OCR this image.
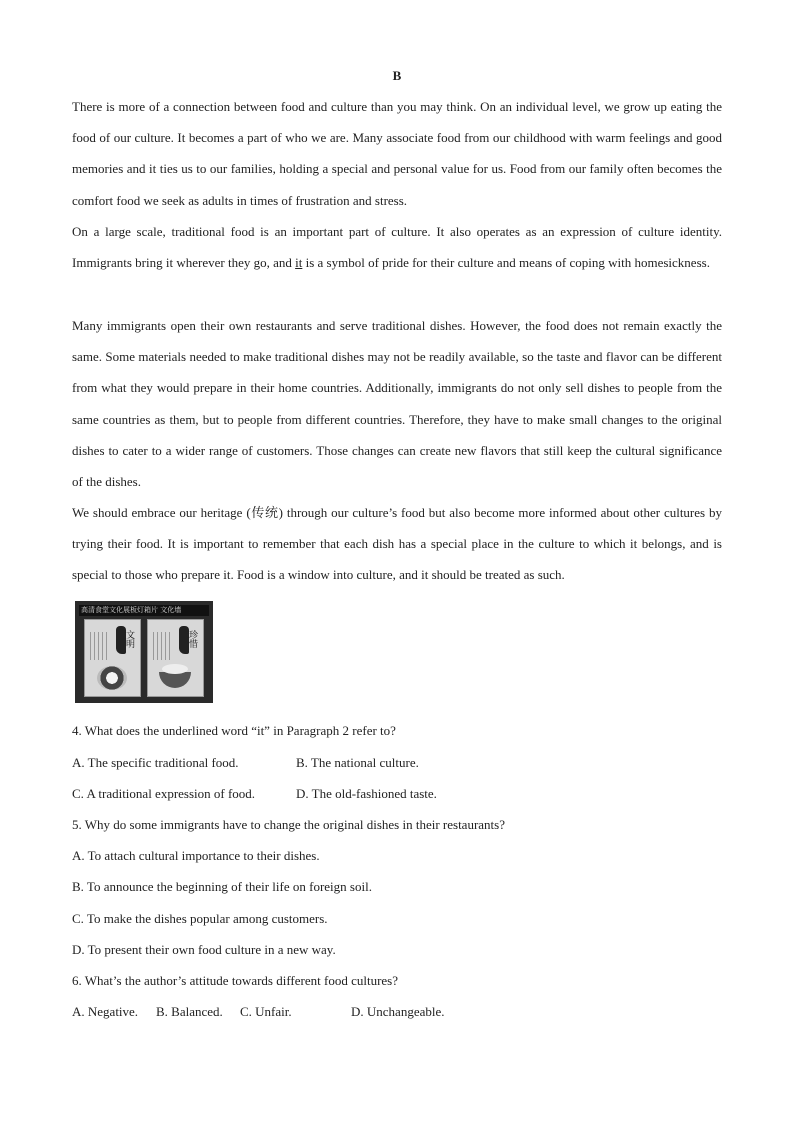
B

There is more of a connection between food and culture than you may think. On an individual level, we grow up eating the food of our culture. It becomes a part of who we are. Many associate food from our childhood with warm feelings and good memories and it ties us to our families, holding a special and personal value for us. Food from our family often becomes the comfort food we seek as adults in times of frustration and stress.

On a large scale, traditional food is an important part of culture. It also operates as an expression of culture identity. Immigrants bring it wherever they go, and it is a symbol of pride for their culture and means of coping with homesickness.

Many immigrants open their own restaurants and serve traditional dishes. However, the food does not remain exactly the same. Some materials needed to make traditional dishes may not be readily available, so the taste and flavor can be different from what they would prepare in their home countries. Additionally, immigrants do not only sell dishes to people from the same countries as them, but to people from different countries. Therefore, they have to make small changes to the original dishes to cater to a wider range of customers. Those changes can create new flavors that still keep the cultural significance of the dishes.

We should embrace our heritage (传统) through our culture’s food but also become more informed about other cultures by trying their food. It is important to remember that each dish has a special place in the culture to which it belongs, and is special to those who prepare it. Food is a window into culture, and it should be treated as such.

高清食堂文化展板灯箱片 文化墙
文明	珍惜
4. What does the underlined word “it” in Paragraph 2 refer to?
A. The specific traditional food.	B. The national culture.
C. A traditional expression of food.	D. The old-fashioned taste.
5. Why do some immigrants have to change the original dishes in their restaurants?
A. To attach cultural importance to their dishes.
B. To announce the beginning of their life on foreign soil.
C. To make the dishes popular among customers.
D. To present their own food culture in a new way.
6. What’s the author’s attitude towards different food cultures?
A. Negative. B. Balanced. C. Unfair.	D. Unchangeable.
